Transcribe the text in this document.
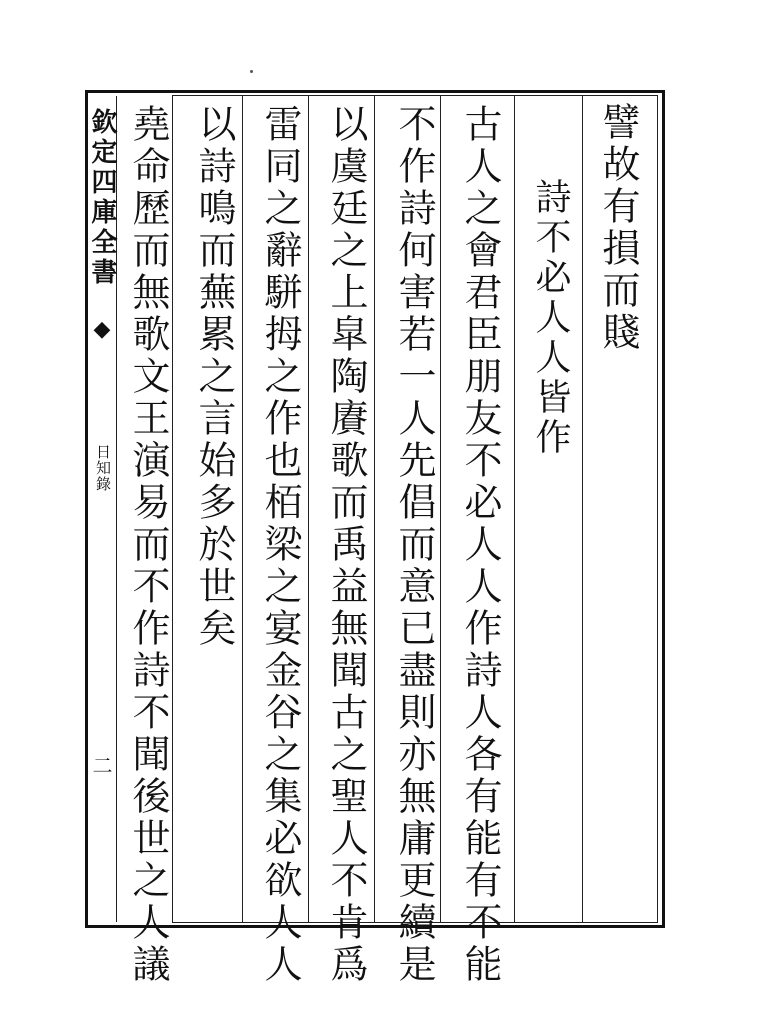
欽定四庫全書
◆
日知錄
二
譬故有損而賤
詩不必人人皆作
古人之會君臣朋友不必人人作詩人各有能有不能
不作詩何害若一人先倡而意已盡則亦無庸更續是
以虞廷之上皐陶賡歌而禹益無聞古之聖人不肯爲
雷同之辭駢拇之作也栢梁之宴金谷之集必欲人人
以詩鳴而蕪累之言始多於世矣
堯命歷而無歌文王演易而不作詩不聞後世之人議
